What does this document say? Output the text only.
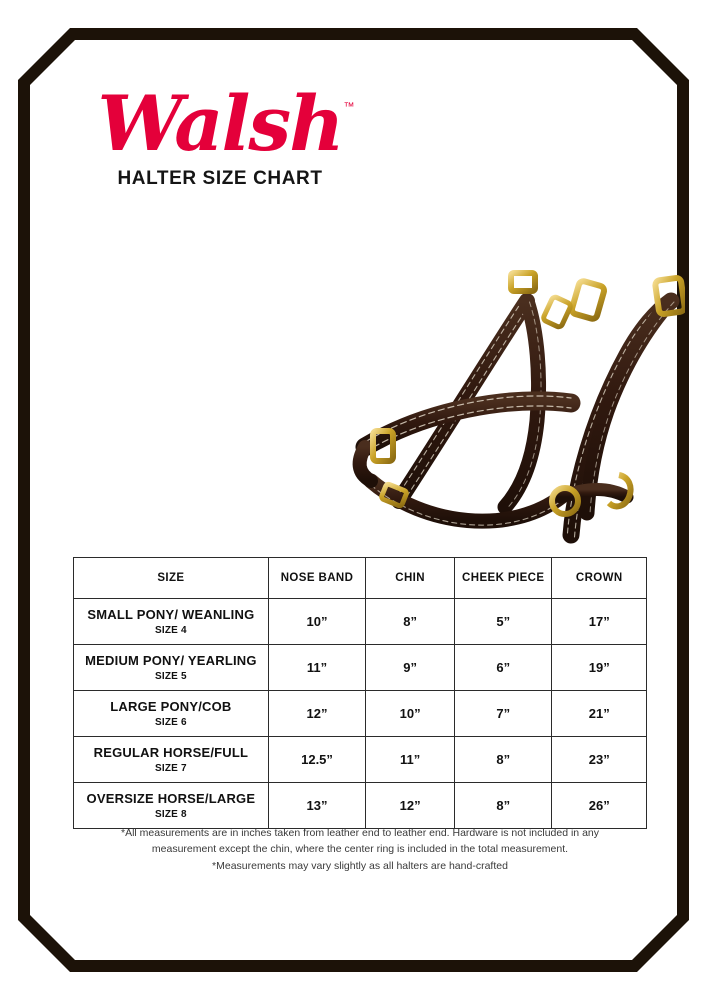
Walsh ™
HALTER SIZE CHART
SIZE	NOSE BAND	CHIN	CHEEK PIECE	CROWN

SMALL PONY/ WEANLING
SIZE 4	10”	8”	5”	17”

MEDIUM PONY/ YEARLING
SIZE 5	11”	9”	6”	19”

LARGE PONY/COB
SIZE 6	12”	10”	7”	21”

REGULAR HORSE/FULL
SIZE 7	12.5”	11”	8”	23”

OVERSIZE HORSE/LARGE
SIZE 8	13”	12”	8”	26”

*All measurements are in inches taken from leather end to leather end. Hardware is not included in any

measurement except the chin, where the center ring is included in the total measurement.

*Measurements may vary slightly as all halters are hand-crafted
